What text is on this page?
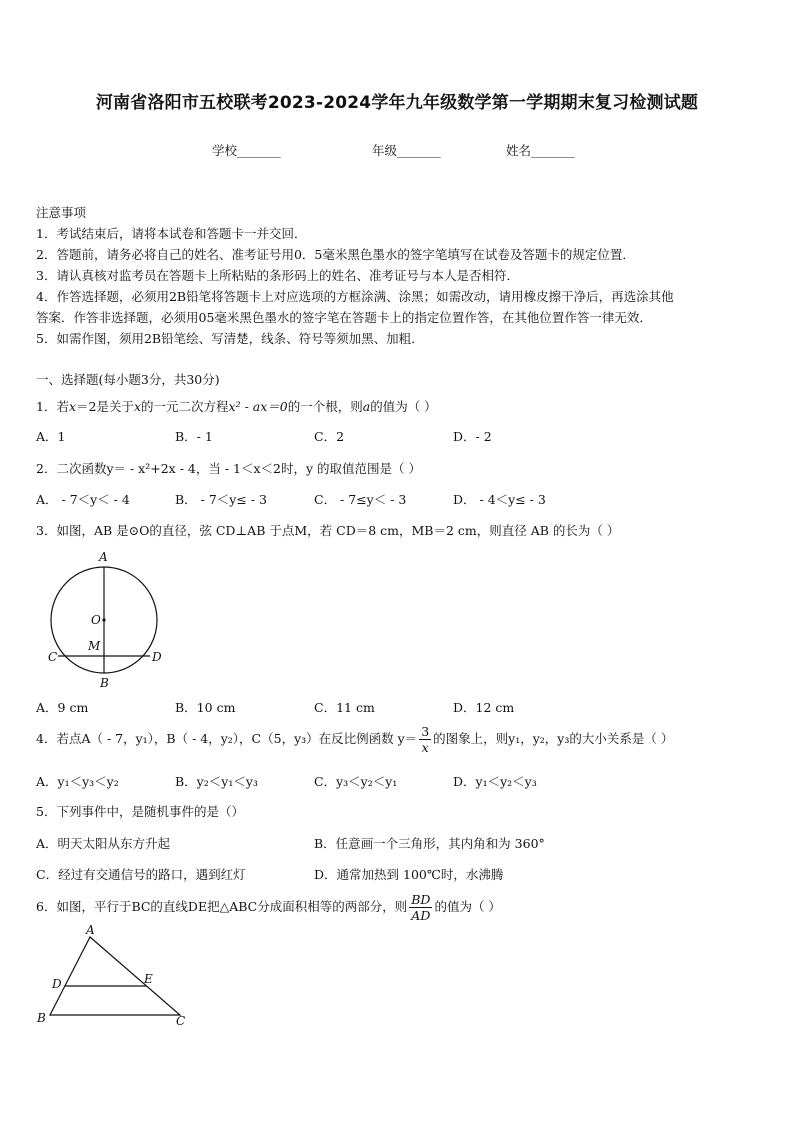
河南省洛阳市五校联考2023-2024学年九年级数学第一学期期末复习检测试题
学校_______	年级_______	姓名_______
注意事项
1．考试结束后，请将本试卷和答题卡一并交回．
2．答题前，请务必将自己的姓名、准考证号用0．5毫米黑色墨水的签字笔填写在试卷及答题卡的规定位置．
3．请认真核对监考员在答题卡上所粘贴的条形码上的姓名、准考证号与本人是否相符．
4．作答选择题，必须用2B铅笔将答题卡上对应选项的方框涂满、涂黑；如需改动，请用橡皮擦干净后，再选涂其他
答案．作答非选择题，必须用05毫米黑色墨水的签字笔在答题卡上的指定位置作答，在其他位置作答一律无效．
5．如需作图，须用2B铅笔绘、写清楚，线条、符号等须加黑、加粗．
一、选择题(每小题3分，共30分)
1．若x＝2是关于x的一元二次方程x² - ax＝0的一个根，则a的值为（ ）
A．1	B．- 1	C．2	D．- 2
2．二次函数y＝ - x²+2x - 4，当 - 1＜x＜2时，y 的取值范围是（ ）
A． - 7＜y＜ - 4	B． - 7＜y≤ - 3	C． - 7≤y＜ - 3	D． - 4＜y≤ - 3
3．如图，AB 是⊙O的直径，弦 CD⊥AB 于点M，若 CD＝8 cm，MB＝2 cm，则直径 AB 的长为（ ）
A
O
M
C	D
B
A．9 cm	B．10 cm	C．11 cm	D．12 cm
4．若点A（ - 7，y₁），B（ - 4，y₂），C（5，y₃）在反比例函数 $y= \frac{3}{x}$ 的图象上，则y₁，y₂，y₃的大小关系是（ ）
A．y₁＜y₃＜y₂	B．y₂＜y₁＜y₃	C．y₃＜y₂＜y₁	D．y₁＜y₂＜y₃
5．下列事件中，是随机事件的是（）
A．明天太阳从东方升起	B．任意画一个三角形，其内角和为 360°
C．经过有交通信号的路口，遇到红灯	D．通常加热到 100℃时，水沸腾
6．如图，平行于BC的直线DE把△ABC分成面积相等的两部分，则 $\frac{BD}{AD}$ 的值为（ ）
A
D	E
B	C
